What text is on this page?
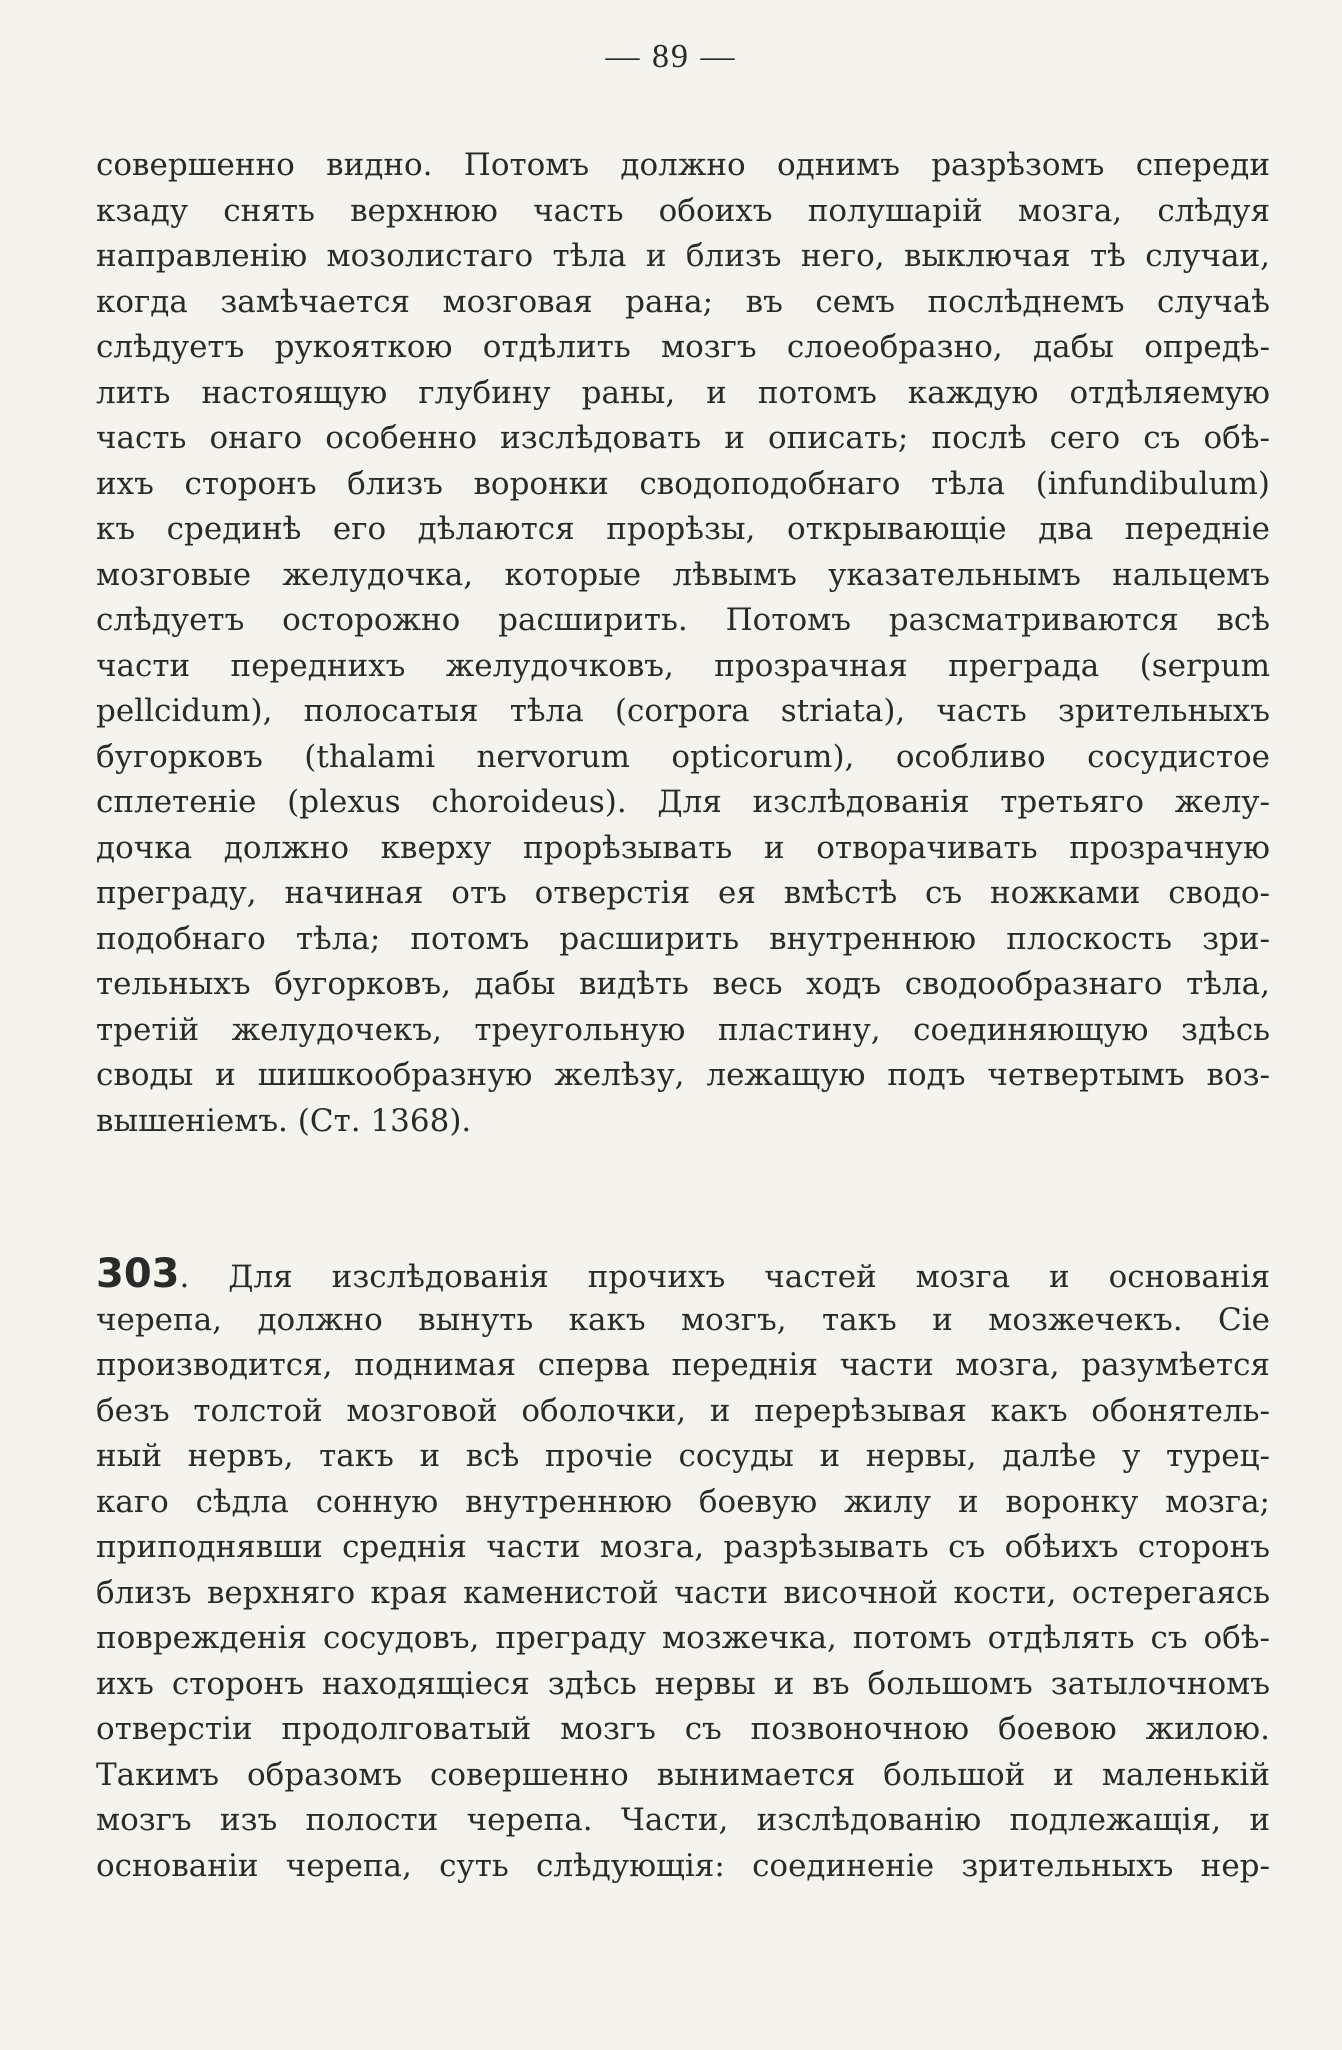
— 89 —
совершенно видно. Потомъ должно однимъ разрѣзомъ спереди
кзаду снять верхнюю часть обоихъ полушарій мозга, слѣдуя
направленію мозолистаго тѣла и близъ него, выключая тѣ случаи,
когда замѣчается мозговая рана; въ семъ послѣднемъ случаѣ
слѣдуетъ рукояткою отдѣлить мозгъ слоеобразно, дабы опредѣ-
лить настоящую глубину раны, и потомъ каждую отдѣляемую
часть онаго особенно изслѣдовать и описать; послѣ сего съ обѣ-
ихъ сторонъ близъ воронки сводоподобнаго тѣла (infundibulum)
къ срединѣ его дѣлаются прорѣзы, открывающіе два передніе
мозговые желудочка, которые лѣвымъ указательнымъ нальцемъ
слѣдуетъ осторожно расширить. Потомъ разсматриваются всѣ
части переднихъ желудочковъ, прозрачная преграда (serpum
pellcidum), полосатыя тѣла (corpora striata), часть зрительныхъ
бугорковъ (thalami nervorum opticorum), особливо сосудистое
сплетеніе (plexus choroideus). Для изслѣдованія третьяго желу-
дочка должно кверху прорѣзывать и отворачивать прозрачную
преграду, начиная отъ отверстія ея вмѣстѣ съ ножками сводо-
подобнаго тѣла; потомъ расширить внутреннюю плоскость зри-
тельныхъ бугорковъ, дабы видѣть весь ходъ сводообразнаго тѣла,
третій желудочекъ, треугольную пластину, соединяющую здѣсь
своды и шишкообразную желѣзу, лежащую подъ четвертымъ воз-
вышеніемъ. (Ст. 1368).
303. Для изслѣдованія прочихъ частей мозга и основанія
черепа, должно вынуть какъ мозгъ, такъ и мозжечекъ. Сіе
производится, поднимая сперва переднія части мозга, разумѣется
безъ толстой мозговой оболочки, и перерѣзывая какъ обонятель-
ный нервъ, такъ и всѣ прочіе сосуды и нервы, далѣе у турец-
каго сѣдла сонную внутреннюю боевую жилу и воронку мозга;
приподнявши среднія части мозга, разрѣзывать съ обѣихъ сторонъ
близъ верхняго края каменистой части височной кости, остерегаясь
поврежденія сосудовъ, преграду мозжечка, потомъ отдѣлять съ обѣ-
ихъ сторонъ находящіеся здѣсь нервы и въ большомъ затылочномъ
отверстіи продолговатый мозгъ съ позвоночною боевою жилою.
Такимъ образомъ совершенно вынимается большой и маленькій
мозгъ изъ полости черепа. Части, изслѣдованію подлежащія, и
основаніи черепа, суть слѣдующія: соединеніе зрительныхъ нер-
